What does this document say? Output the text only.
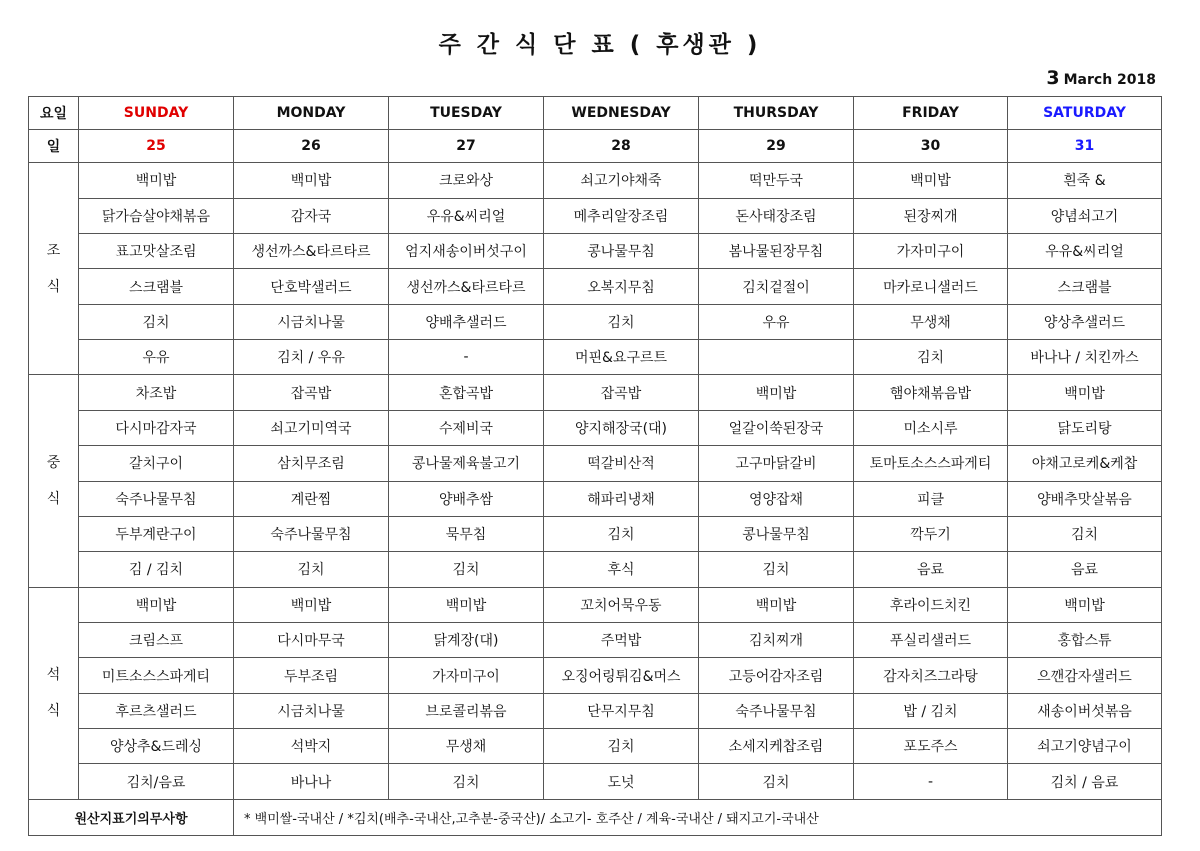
주 간 식 단 표 ( 후생관 )
3 March 2018
요일	SUNDAY	MONDAY	TUESDAY	WEDNESDAY	THURSDAY	FRIDAY	SATURDAY
일	25	26	27	28	29	30	31

조
식	백미밥	백미밥	크로와상	쇠고기야채죽	떡만두국	백미밥	흰죽 &
	닭가슴살야채볶음	감자국	우유&씨리얼	메추리알장조림	돈사태장조림	된장찌개	양념쇠고기
	표고맛살조림	생선까스&타르타르	엄지새송이버섯구이	콩나물무침	봄나물된장무침	가자미구이	우유&씨리얼
	스크램블	단호박샐러드	생선까스&타르타르	오복지무침	김치겉절이	마카로니샐러드	스크램블
	김치	시금치나물	양배추샐러드	김치	우유	무생채	양상추샐러드
	우유	김치 / 우유	-	머핀&요구르트		김치	바나나 / 치킨까스

중
식	차조밥	잡곡밥	혼합곡밥	잡곡밥	백미밥	햄야채볶음밥	백미밥
	다시마감자국	쇠고기미역국	수제비국	양지해장국(대)	얼갈이쑥된장국	미소시루	닭도리탕
	갈치구이	삼치무조림	콩나물제육불고기	떡갈비산적	고구마닭갈비	토마토소스스파게티	야채고로케&케찹
	숙주나물무침	계란찜	양배추쌈	해파리냉채	영양잡채	피클	양배추맛살볶음
	두부계란구이	숙주나물무침	묵무침	김치	콩나물무침	깍두기	김치
	김 / 김치	김치	김치	후식	김치	음료	음료

석
식	백미밥	백미밥	백미밥	꼬치어묵우동	백미밥	후라이드치킨	백미밥
	크림스프	다시마무국	닭계장(대)	주먹밥	김치찌개	푸실리샐러드	홍합스튜
	미트소스스파게티	두부조림	가자미구이	오징어링튀김&머스	고등어감자조림	감자치즈그라탕	으깬감자샐러드
	후르츠샐러드	시금치나물	브로콜리볶음	단무지무침	숙주나물무침	밥 / 김치	새송이버섯볶음
	양상추&드레싱	석박지	무생채	김치	소세지케찹조림	포도주스	쇠고기양념구이
	김치/음료	바나나	김치	도넛	김치	-	김치 / 음료
원산지표기의무사항		* 백미쌀-국내산 / *김치(배추-국내산,고추분-중국산)/ 소고기- 호주산 / 계육-국내산 / 돼지고기-국내산					
